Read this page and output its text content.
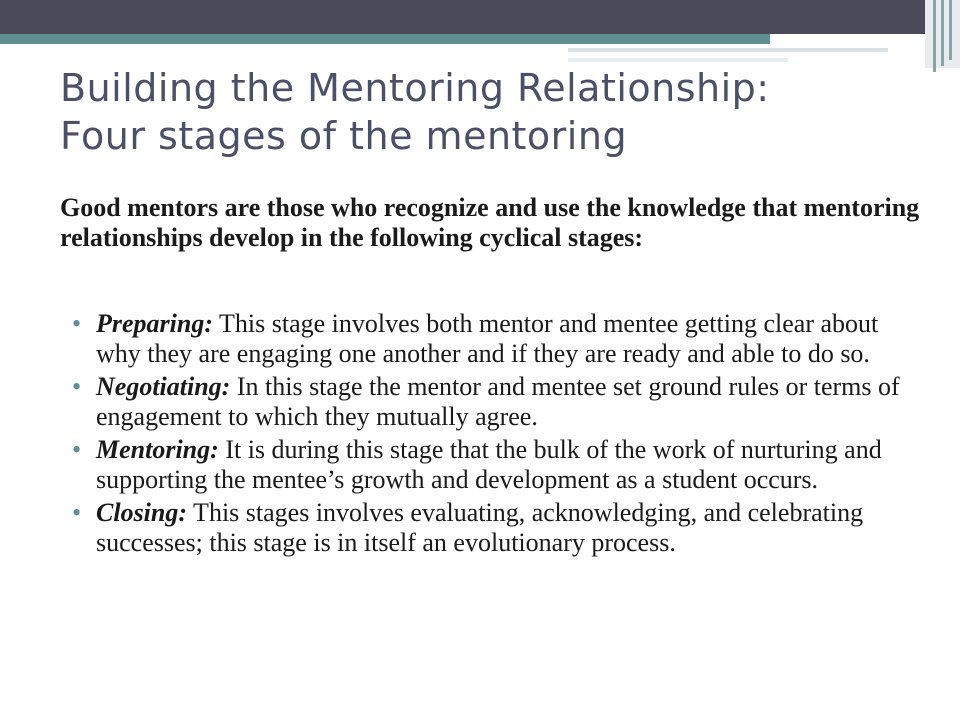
Building the Mentoring Relationship:
Four stages of the mentoring

Good mentors are those who recognize and use the knowledge that mentoring relationships develop in the following cyclical stages:

• Preparing: This stage involves both mentor and mentee getting clear about why they are engaging one another and if they are ready and able to do so.
• Negotiating: In this stage the mentor and mentee set ground rules or terms of engagement to which they mutually agree.
• Mentoring: It is during this stage that the bulk of the work of nurturing and supporting the mentee’s growth and development as a student occurs.
• Closing: This stages involves evaluating, acknowledging, and celebrating successes; this stage is in itself an evolutionary process.
